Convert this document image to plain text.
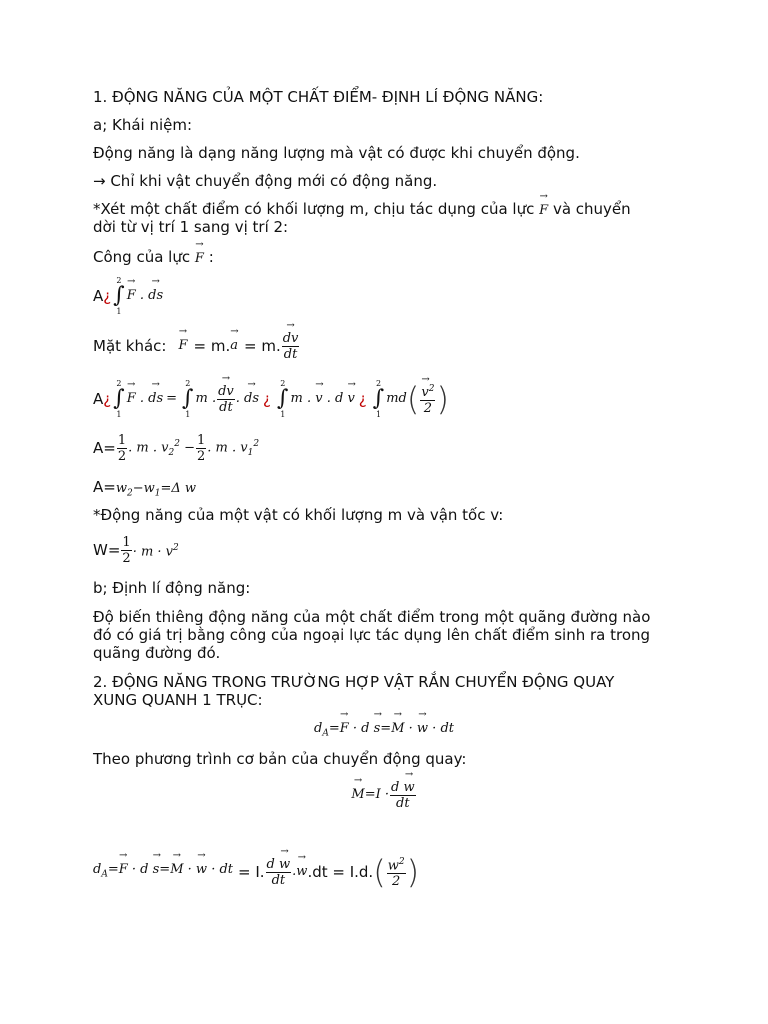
1. ĐỘNG NĂNG CỦA MỘT CHẤT ĐIỂM- ĐỊNH LÍ ĐỘNG NĂNG:
a; Khái niệm:
Động năng là dạng năng lượng mà vật có được khi chuyển động.
→ Chỉ khi vật chuyển động mới có động năng.
*Xét một chất điểm có khối lượng m, chịu tác dụng của lực → F và chuyển
dời từ vị trí 1 sang vị trí 2:
Công của lực → F :
A ¿
2
∫
1
→ F . → ds
Mặt khác: → F = m. → a = m. → $\frac{dv}{dt}$
A ¿
2
∫
1
→ F . → ds =
2
∫
1
m . → $\frac{dv}{dt}$ . → ds ¿
2
∫
1
m . → v . d → v ¿
2
∫
1
md ( → $\frac{v^2}{2}$ )
$A= \frac{1}{2}$ . m . $v_2^2 - \frac{1}{2}$ . m . $v_1^2$
$A=w_2-w_1=\Delta$ w
*Động năng của một vật có khối lượng m và vận tốc v:
$W= \frac{1}{2} \cdot m \cdot v^2$
b; Định lí động năng:
Độ biến thiêng động năng của một chất điểm trong một quãng đường nào
đó có giá trị bằng công của ngoại lực tác dụng lên chất điểm sinh ra trong
quãng đường đó.
2. ĐỘNG NĂNG TRONG TRƯỜNG HỢP VẬT RẮN CHUYỂN ĐỘNG QUAY
XUNG QUANH 1 TRỤC:
$d_A=\to F \cdot d \to s=\to M$ · → w · dt
Theo phương trình cơ bản của chuyển động quay:
→ $M=I \cdot \frac{d \to w}{dt}$
$d_A=\to F \cdot d \to s=\to M$ · → w · dt = I. $\frac{d \to w}{dt}$ .→ w .dt = I.d. ( $\frac{w^2}{2}$ )
